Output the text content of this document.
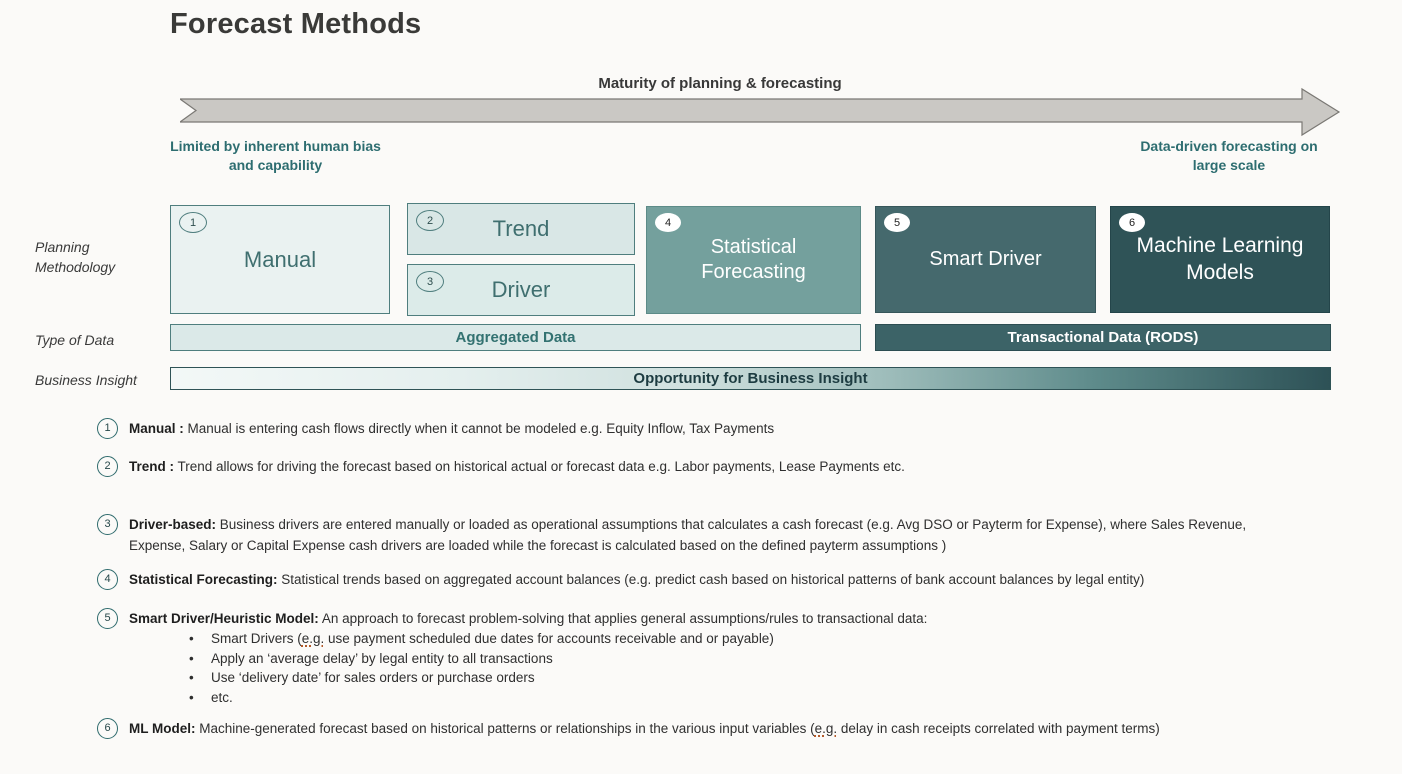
Forecast Methods
Maturity of planning & forecasting
Limited by inherent human bias
and capability
Data-driven forecasting on
large scale
Planning
Methodology
1
Manual
2	Trend
3	Driver
4
Statistical Forecasting
5
Smart Driver
6
Machine Learning Models
Type of Data	Aggregated Data	Transactional Data (RODS)
Business Insight	Opportunity for Business Insight
1	Manual : Manual is entering cash flows directly when it cannot be modeled e.g. Equity Inflow, Tax Payments
2	Trend : Trend allows for driving the forecast based on historical actual or forecast data e.g. Labor payments, Lease Payments etc.
3	Driver-based: Business drivers are entered manually or loaded as operational assumptions that calculates a cash forecast (e.g. Avg DSO or Payterm for Expense), where Sales Revenue, Expense, Salary or Capital Expense cash drivers are loaded while the forecast is calculated based on the defined payterm assumptions )
4	Statistical Forecasting: Statistical trends based on aggregated account balances (e.g. predict cash based on historical patterns of bank account balances by legal entity)
5	Smart Driver/Heuristic Model: An approach to forecast problem-solving that applies general assumptions/rules to transactional data:
•	Smart Drivers (e.g. use payment scheduled due dates for accounts receivable and or payable)
•	Apply an ‘average delay’ by legal entity to all transactions
•	Use ‘delivery date’ for sales orders or purchase orders
•	etc.
6	ML Model: Machine-generated forecast based on historical patterns or relationships in the various input variables (e.g. delay in cash receipts correlated with payment terms)
